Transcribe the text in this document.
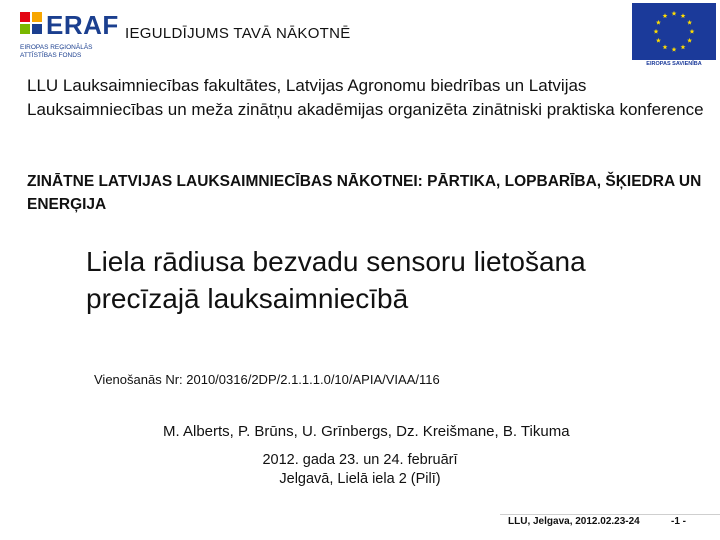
ERAF
EIROPAS REĢIONĀLĀS ATTĪSTĪBAS FONDS
IEGULDĪJUMS TAVĀ NĀKOTNĒ
EIROPAS SAVIENĪBA
LLU Lauksaimniecības fakultātes, Latvijas Agronomu biedrības un Latvijas Lauksaimniecības un meža zinātņu akadēmijas organizēta zinātniski praktiska konference
ZINĀTNE LATVIJAS LAUKSAIMNIECĪBAS NĀKOTNEI: PĀRTIKA, LOPBARĪBA, ŠĶIEDRA UN ENERĢIJA
Liela rādiusa bezvadu sensoru lietošana precīzajā lauksaimniecībā
Vienošanās Nr: 2010/0316/2DP/2.1.1.1.0/10/APIA/VIAA/116
M. Alberts, P. Brūns, U. Grīnbergs, Dz. Kreišmane, B. Tikuma
2012. gada 23. un 24. februārī
Jelgavā, Lielā iela 2 (Pilī)
LLU, Jelgava, 2012.02.23-24	-1 -
